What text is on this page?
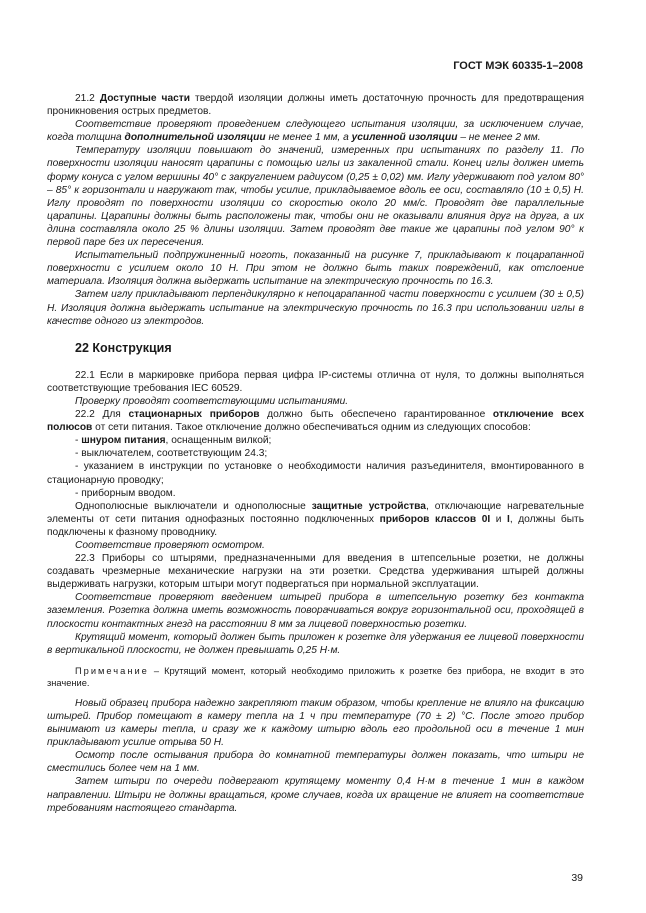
ГОСТ МЭК 60335-1–2008

21.2 Доступные части твердой изоляции должны иметь достаточную прочность для предотвращения проникновения острых предметов.

Соответствие проверяют проведением следующего испытания изоляции, за исключением случае, когда толщина дополнительной изоляции не менее 1 мм, а усиленной изоляции – не менее 2 мм.

Температуру изоляции повышают до значений, измеренных при испытаниях по разделу 11. По поверхности изоляции наносят царапины с помощью иглы из закаленной стали. Конец иглы должен иметь форму конуса с углом вершины 40° с закруглением радиусом (0,25 ± 0,02) мм. Иглу удерживают под углом 80° – 85° к горизонтали и нагружают так, чтобы усилие, прикладываемое вдоль ее оси, составляло (10 ± 0,5) Н. Иглу проводят по поверхности изоляции со скоростью около 20 мм/с. Проводят две параллельные царапины. Царапины должны быть расположены так, чтобы они не оказывали влияния друг на друга, а их длина составляла около 25 % длины изоляции. Затем проводят две такие же царапины под углом 90° к первой паре без их пересечения.

Испытательный подпружиненный ноготь, показанный на рисунке 7, прикладывают к поцарапанной поверхности с усилием около 10 Н. При этом не должно быть таких повреждений, как отслоение материала. Изоляция должна выдержать испытание на электрическую прочность по 16.3.

Затем иглу прикладывают перпендикулярно к непоцарапанной части поверхности с усилием (30 ± 0,5) Н. Изоляция должна выдержать испытание на электрическую прочность по 16.3 при использовании иглы в качестве одного из электродов.

22 Конструкция

22.1 Если в маркировке прибора первая цифра IP-системы отлична от нуля, то должны выполняться соответствующие требования IEC 60529.

Проверку проводят соответствующими испытаниями.

22.2 Для стационарных приборов должно быть обеспечено гарантированное отключение всех полюсов от сети питания. Такое отключение должно обеспечиваться одним из следующих способов:

- шнуром питания, оснащенным вилкой;

- выключателем, соответствующим 24.3;

- указанием в инструкции по установке о необходимости наличия разъединителя, вмонтированного в стационарную проводку;

- приборным вводом.

Однополюсные выключатели и однополюсные защитные устройства, отключающие нагревательные элементы от сети питания однофазных постоянно подключенных приборов классов 0I и I, должны быть подключены к фазному проводнику.

Соответствие проверяют осмотром.

22.3 Приборы со штырями, предназначенными для введения в штепсельные розетки, не должны создавать чрезмерные механические нагрузки на эти розетки. Средства удерживания штырей должны выдерживать нагрузки, которым штыри могут подвергаться при нормальной эксплуатации.

Соответствие проверяют введением штырей прибора в штепсельную розетку без контакта заземления. Розетка должна иметь возможность поворачиваться вокруг горизонтальной оси, проходящей в плоскости контактных гнезд на расстоянии 8 мм за лицевой поверхностью розетки.

Крутящий момент, который должен быть приложен к розетке для удержания ее лицевой поверхности в вертикальной плоскости, не должен превышать 0,25 Н·м.

Примечание – Крутящий момент, который необходимо приложить к розетке без прибора, не входит в это значение.

Новый образец прибора надежно закрепляют таким образом, чтобы крепление не влияло на фиксацию штырей. Прибор помещают в камеру тепла на 1 ч при температуре (70 ± 2) °С. После этого прибор вынимают из камеры тепла, и сразу же к каждому штырю вдоль его продольной оси в течение 1 мин прикладывают усилие отрыва 50 Н.

Осмотр после остывания прибора до комнатной температуры должен показать, что штыри не сместились более чем на 1 мм.

Затем штыри по очереди подвергают крутящему моменту 0,4 Н·м в течение 1 мин в каждом направлении. Штыри не должны вращаться, кроме случаев, когда их вращение не влияет на соответствие требованиям настоящего стандарта.

39
